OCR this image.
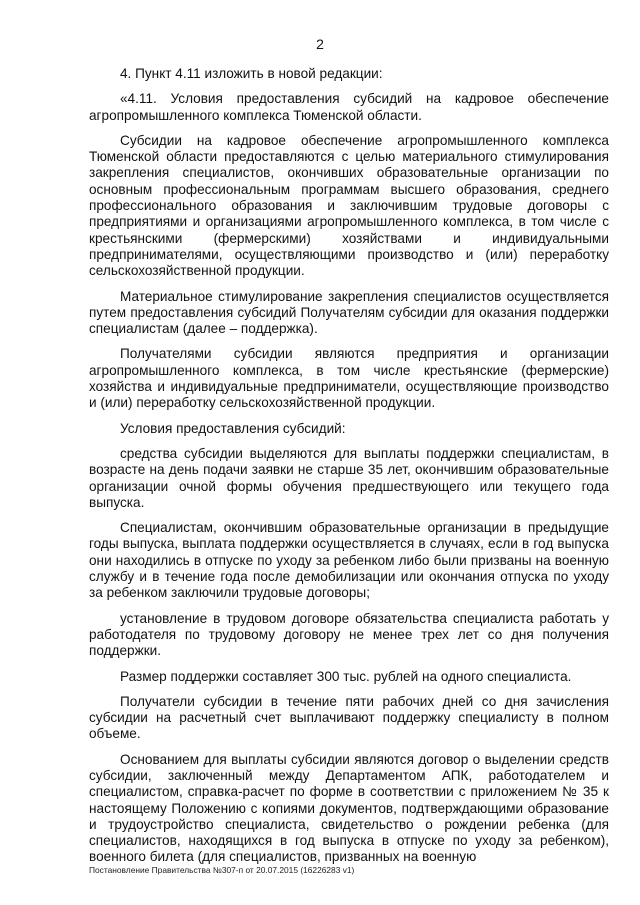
2

4. Пункт 4.11 изложить в новой редакции:

«4.11. Условия предоставления субсидий на кадровое обеспечение агропромышленного комплекса Тюменской области.

Субсидии на кадровое обеспечение агропромышленного комплекса Тюменской области предоставляются с целью материального стимулирования закрепления специалистов, окончивших образовательные организации по основным профессиональным программам высшего образования, среднего профессионального образования и заключившим трудовые договоры с предприятиями и организациями агропромышленного комплекса, в том числе с крестьянскими (фермерскими) хозяйствами и индивидуальными предпринимателями, осуществляющими производство и (или) переработку сельскохозяйственной продукции.

Материальное стимулирование закрепления специалистов осуществляется путем предоставления субсидий Получателям субсидии для оказания поддержки специалистам (далее – поддержка).

Получателями субсидии являются предприятия и организации агропромышленного комплекса, в том числе крестьянские (фермерские) хозяйства и индивидуальные предприниматели, осуществляющие производство и (или) переработку сельскохозяйственной продукции.

Условия предоставления субсидий:

средства субсидии выделяются для выплаты поддержки специалистам, в возрасте на день подачи заявки не старше 35 лет, окончившим образовательные организации очной формы обучения предшествующего или текущего года выпуска.

Специалистам, окончившим образовательные организации в предыдущие годы выпуска, выплата поддержки осуществляется в случаях, если в год выпуска они находились в отпуске по уходу за ребенком либо были призваны на военную службу и в течение года после демобилизации или окончания отпуска по уходу за ребенком заключили трудовые договоры;

установление в трудовом договоре обязательства специалиста работать у работодателя по трудовому договору не менее трех лет со дня получения поддержки.

Размер поддержки составляет 300 тыс. рублей на одного специалиста.

Получатели субсидии в течение пяти рабочих дней со дня зачисления субсидии на расчетный счет выплачивают поддержку специалисту в полном объеме.

Основанием для выплаты субсидии являются договор о выделении средств субсидии, заключенный между Департаментом АПК, работодателем и специалистом, справка-расчет по форме в соответствии с приложением № 35 к настоящему Положению с копиями документов, подтверждающими образование и трудоустройство специалиста, свидетельство о рождении ребенка (для специалистов, находящихся в год выпуска в отпуске по уходу за ребенком), военного билета (для специалистов, призванных на военную

Постановление Правительства №307-п от 20.07.2015 (16226283 v1)
